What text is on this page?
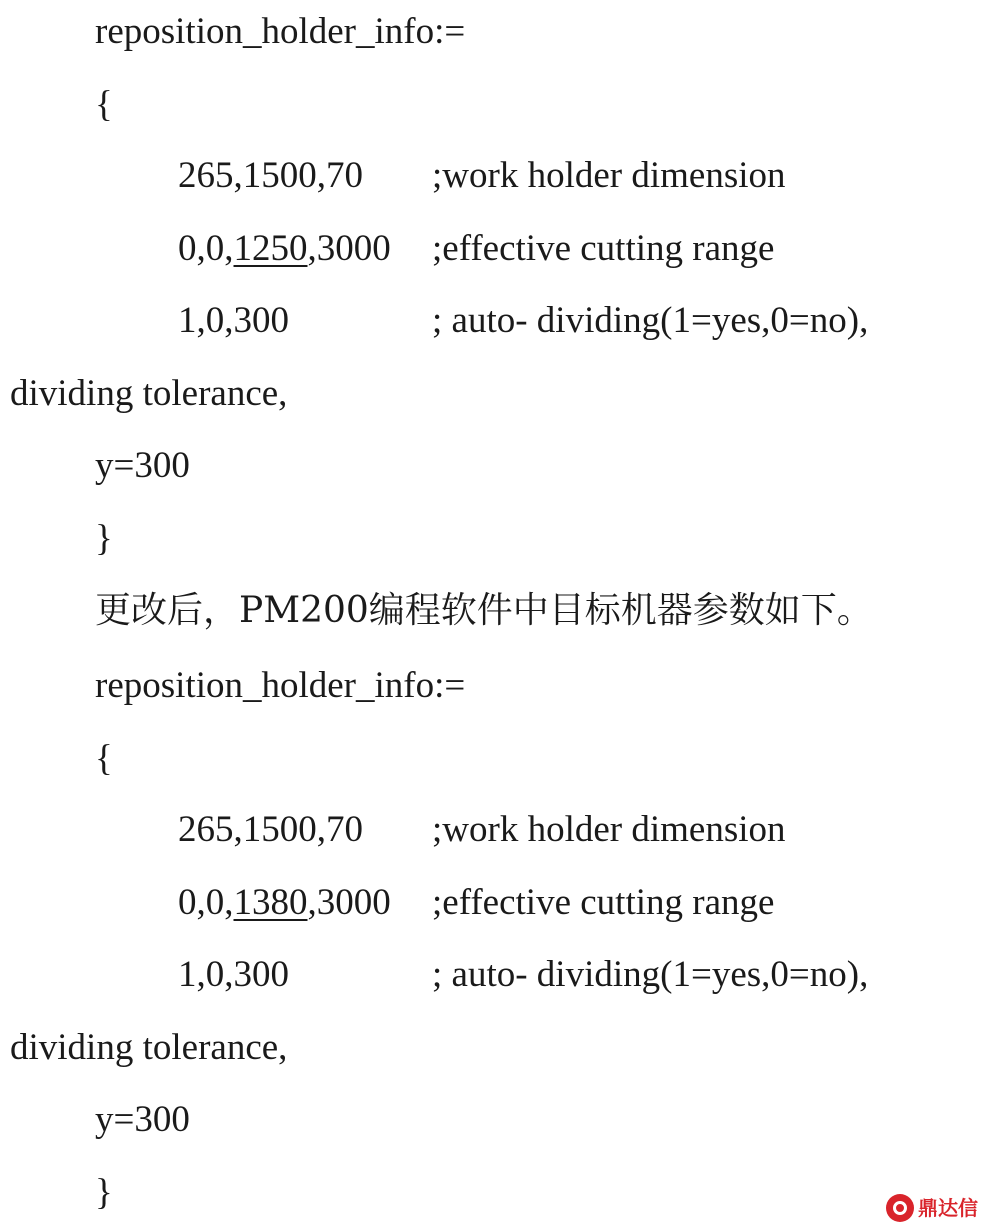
reposition_holder_info:=
{
265,1500,70 ;work holder dimension
0,0,1250,3000 ;effective cutting range
1,0,300	; auto- dividing(1=yes,0=no),
dividing tolerance,
y=300
}
更改后，PM200编程软件中目标机器参数如下。
reposition_holder_info:=
{
265,1500,70 ;work holder dimension
0,0,1380,3000 ;effective cutting range
1,0,300	; auto- dividing(1=yes,0=no),
dividing tolerance,
y=300
}	鼎达信
